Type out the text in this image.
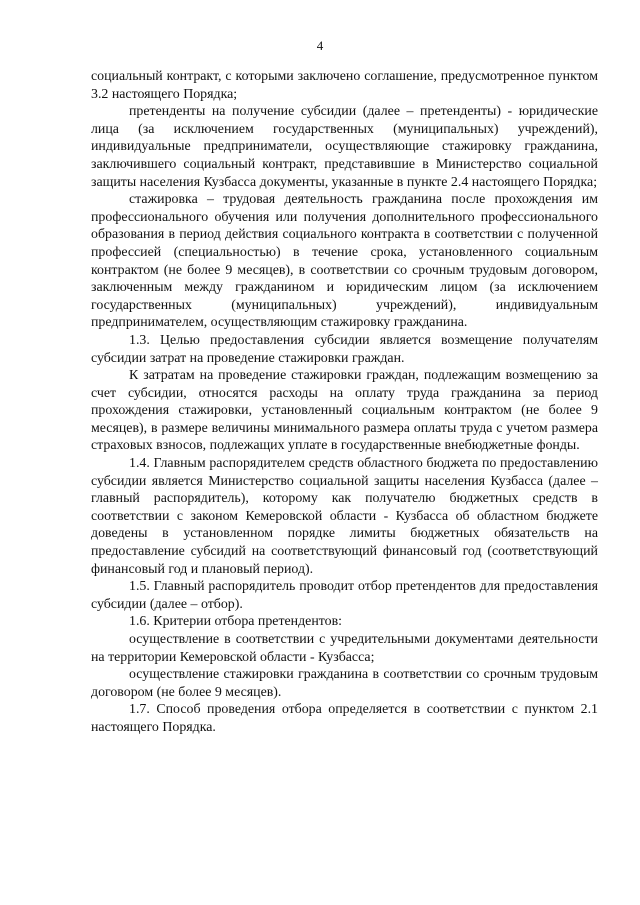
4

социальный контракт, с которыми заключено соглашение, предусмотренное пунктом 3.2 настоящего Порядка;

претенденты на получение субсидии (далее – претенденты) - юридические лица (за исключением государственных (муниципальных) учреждений), индивидуальные предприниматели, осуществляющие стажировку гражданина, заключившего социальный контракт, представившие в Министерство социальной защиты населения Кузбасса документы, указанные в пункте 2.4 настоящего Порядка;

стажировка – трудовая деятельность гражданина после прохождения им профессионального обучения или получения дополнительного профессионального образования в период действия социального контракта в соответствии с полученной профессией (специальностью) в течение срока, установленного социальным контрактом (не более 9 месяцев), в соответствии со срочным трудовым договором, заключенным между гражданином и юридическим лицом (за исключением государственных (муниципальных) учреждений), индивидуальным предпринимателем, осуществляющим стажировку гражданина.

1.3. Целью предоставления субсидии является возмещение получателям субсидии затрат на проведение стажировки граждан.

К затратам на проведение стажировки граждан, подлежащим возмещению за счет субсидии, относятся расходы на оплату труда гражданина за период прохождения стажировки, установленный социальным контрактом (не более 9 месяцев), в размере величины минимального размера оплаты труда с учетом размера страховых взносов, подлежащих уплате в государственные внебюджетные фонды.

1.4. Главным распорядителем средств областного бюджета по предоставлению субсидии является Министерство социальной защиты населения Кузбасса (далее – главный распорядитель), которому как получателю бюджетных средств в соответствии с законом Кемеровской области - Кузбасса об областном бюджете доведены в установленном порядке лимиты бюджетных обязательств на предоставление субсидий на соответствующий финансовый год (соответствующий финансовый год и плановый период).

1.5. Главный распорядитель проводит отбор претендентов для предоставления субсидии (далее – отбор).

1.6. Критерии отбора претендентов:

осуществление в соответствии с учредительными документами деятельности на территории Кемеровской области - Кузбасса;

осуществление стажировки гражданина в соответствии со срочным трудовым договором (не более 9 месяцев).

1.7. Способ проведения отбора определяется в соответствии с пунктом 2.1 настоящего Порядка.
